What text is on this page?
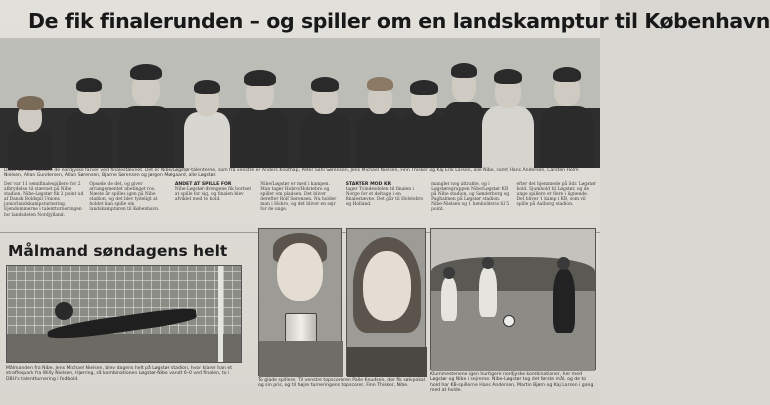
De fik finalerunden – og spiller om en landskamptur til København
Disse 11 står tonsere de nordjyske farver ved finalestævnet. Det er Nibe/Løgstør-talenterne, som fra venstre er Anders Knöthap, Peter Sahl Sørensen, Jens Michael Nielsen, Finn Thisker og Kaj Erik Larsen, alle Nibe, samt Hans Andersen, Carsten Holm Nielsen, Allan Gundersen, Allan Sørensen, Bjarne Sørensen og Jørgen Mølgaard, alle Løgstør.
Der var 11 semifinalespillere for 2 afbrydelse til stævnet på Nibe stadion. Nibe-Løgstør fik 2 point ud af Dansk Boldspil Unions juniorlandskampsturnering. Ejendommerne i talentturneringen for landsdelen Nordjylland.
Opsøde de det, og giver arrangementet ubetinget ros. Næste år spilles igen på Nibe stadion, og det blev tydeligt at holdet kan spille om landskampturen til København.
ANDET AT SPILLE FOR
Nibe-Løgstør-drengene fik bortset at spille for sig, og finalen blev afviklet med to hold.
Nibe/Løgstør er med i kampen. Man tager Hobro/Holstebro og spiller om pladsen. Det bliver derefter Rolf Sørensen. Nu holder man i Hobro, og det bliver en sejr for de unge.
STARTER MOD KR
tager Tvindesdelen til finalen i Norge for et deltage i en finalestævne. Det går til Holstebro og Holland.
mangler nog attrakte, og i Løgstøregruppen Nibe/Løgstør KB på Nibe stadion, og Sønderborg og Paghalmen på Løgstør stadion. Nibe-Nielsen og 1 henholdsvis til 5 point.
efter det hjemmede på Sdr. Løgstør hold. Sjumhold til Løgstør, og de unge spillere er flere i lignende. Det bliver 1 kamp i KB, som vil spille på Aalborg stadion.
Målmand søndagens helt
Målmanden fra Nibe, Jens Michael Nielsen, blev dagens helt på Løgstør stadion, hvor klarer han et straffespark fra Willy Nielsen, Hjørring, så kombinationen Løgstør-Nibe vandt 6–0 ved finalen, to i DBU's talentturnering i fodbold.	To glade spillere. Til venstre topscoreren Palle Knudsen, der fik sølvpokal og sin pris, og til højre turneringens topscorer, Finn Thisker, Nibe.
Klummestenene igen hurtigere nordjyske kombinationer, her med Løgstør og Nibe i sejrerne. Nibe-Løgstør tog det første mål, og de to hold har KB-spillerne Hans Andersen, Martin Bjørn og Kaj Larsen i gang med at holde.
